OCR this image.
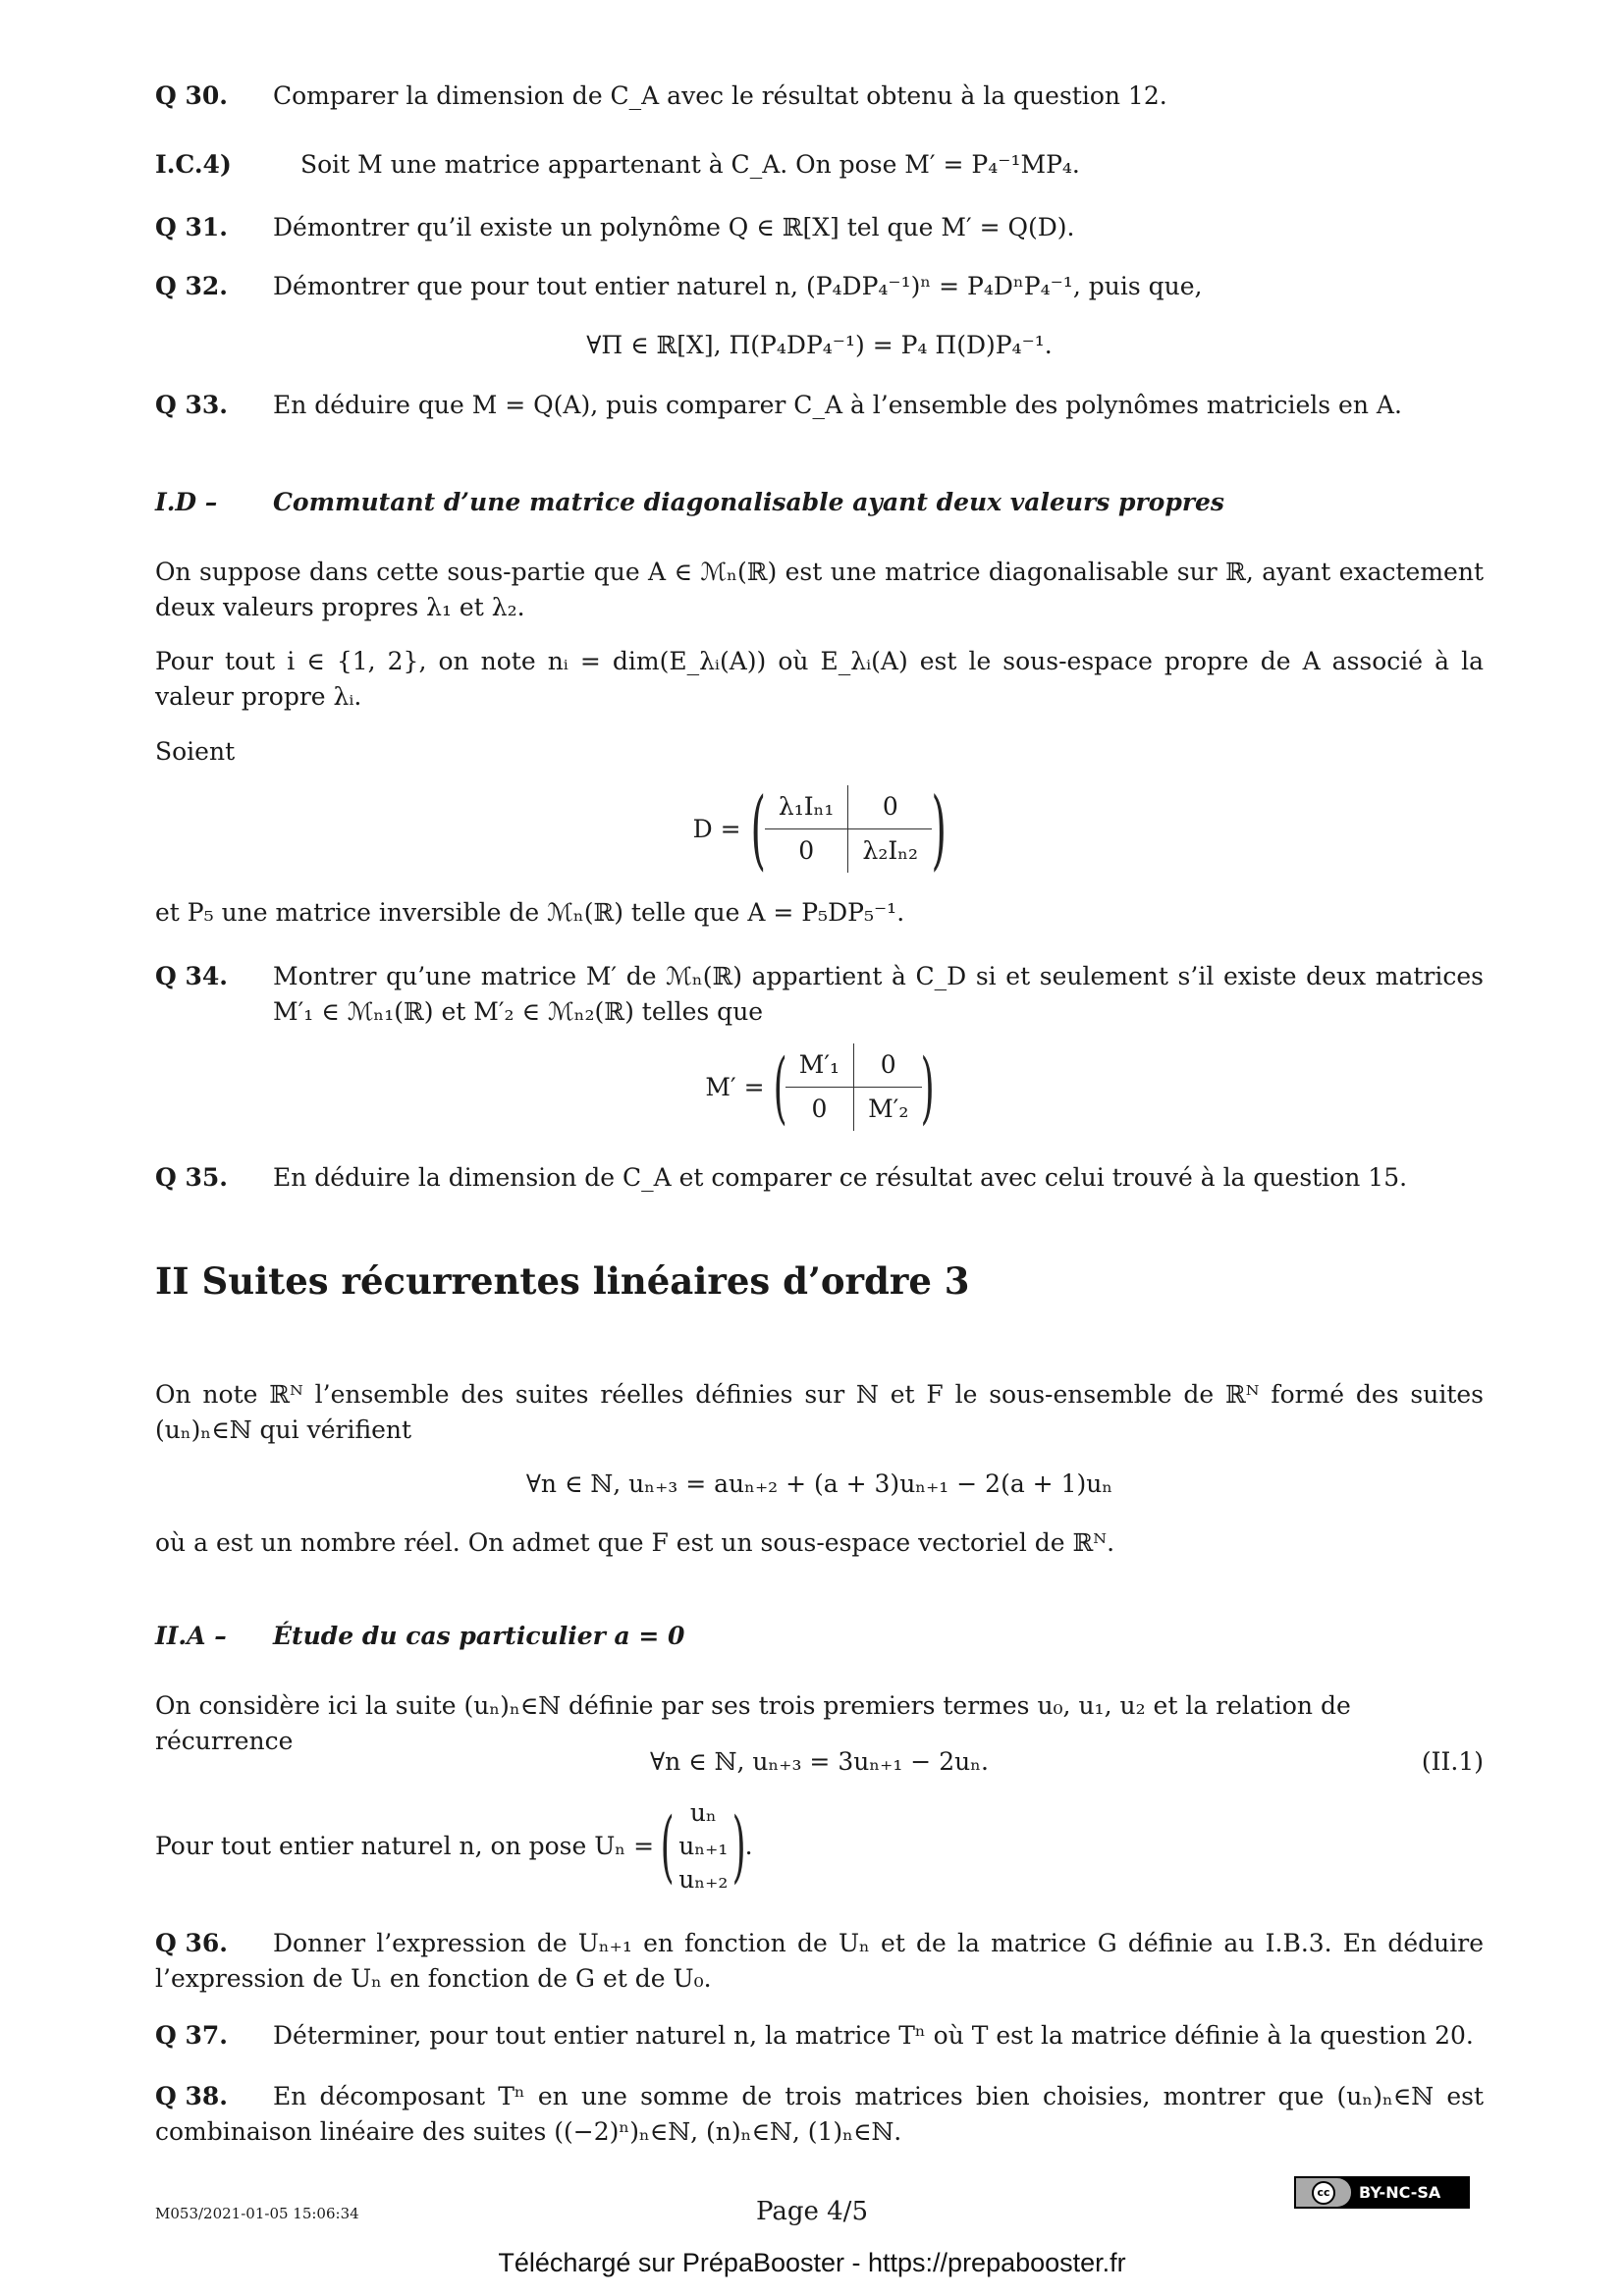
Q 30.	Comparer la dimension de C_A avec le résultat obtenu à la question 12.
I.C.4)	Soit M une matrice appartenant à C_A. On pose M′ = P₄⁻¹MP₄.
Q 31.	Démontrer qu’il existe un polynôme Q ∈ ℝ[X] tel que M′ = Q(D).
Q 32.	Démontrer que pour tout entier naturel n, (P₄DP₄⁻¹)ⁿ = P₄DⁿP₄⁻¹, puis que,
∀Π ∈ ℝ[X], Π(P₄DP₄⁻¹) = P₄ Π(D)P₄⁻¹.
Q 33.	En déduire que M = Q(A), puis comparer C_A à l’ensemble des polynômes matriciels en A.
I.D – Commutant d’une matrice diagonalisable ayant deux valeurs propres
On suppose dans cette sous-partie que A ∈ ℳₙ(ℝ) est une matrice diagonalisable sur ℝ, ayant exactement deux valeurs propres λ₁ et λ₂.
Pour tout i ∈ {1, 2}, on note nᵢ = dim(E_λᵢ(A)) où E_λᵢ(A) est le sous-espace propre de A associé à la valeur propre λᵢ.
Soient
D = ( λ₁Iₙ₁	0
0	λ₂Iₙ₂ )
et P₅ une matrice inversible de ℳₙ(ℝ) telle que A = P₅DP₅⁻¹.
Q 34.	Montrer qu’une matrice M′ de ℳₙ(ℝ) appartient à C_D si et seulement s’il existe deux matrices M′₁ ∈ ℳₙ₁(ℝ) et M′₂ ∈ ℳₙ₂(ℝ) telles que
M′ = ( M′₁	0
0	M′₂ )
Q 35.	En déduire la dimension de C_A et comparer ce résultat avec celui trouvé à la question 15.
II Suites récurrentes linéaires d’ordre 3
On note ℝᴺ l’ensemble des suites réelles définies sur ℕ et F le sous-ensemble de ℝᴺ formé des suites (uₙ)ₙ∈ℕ qui vérifient
∀n ∈ ℕ, uₙ₊₃ = auₙ₊₂ + (a + 3)uₙ₊₁ − 2(a + 1)uₙ
où a est un nombre réel. On admet que F est un sous-espace vectoriel de ℝᴺ.
II.A – Étude du cas particulier a = 0
On considère ici la suite (uₙ)ₙ∈ℕ définie par ses trois premiers termes u₀, u₁, u₂ et la relation de récurrence
∀n ∈ ℕ, uₙ₊₃ = 3uₙ₊₁ − 2uₙ.	(II.1)
Pour tout entier naturel n, on pose Uₙ = ( uₙ
uₙ₊₁
uₙ₊₂ )
.
Q 36.	Donner l’expression de Uₙ₊₁ en fonction de Uₙ et de la matrice G définie au I.B.3. En déduire l’expression de Uₙ en fonction de G et de U₀.
Q 37.	Déterminer, pour tout entier naturel n, la matrice Tⁿ où T est la matrice définie à la question 20.
Q 38.	En décomposant Tⁿ en une somme de trois matrices bien choisies, montrer que (uₙ)ₙ∈ℕ est combinaison linéaire des suites ((−2)ⁿ)ₙ∈ℕ, (n)ₙ∈ℕ, (1)ₙ∈ℕ.
M053/2021-01-05 15:06:34	Page 4/5
cc	BY-NC-SA
Téléchargé sur PrépaBooster - https://prepabooster.fr
